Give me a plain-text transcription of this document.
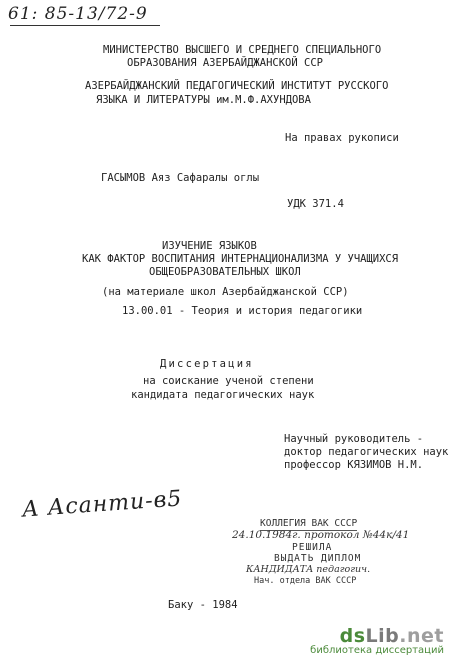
61: 85-13/72-9
МИНИСТЕРСТВО ВЫСШЕГО И СРЕДНЕГО СПЕЦИАЛЬНОГО
ОБРАЗОВАНИЯ АЗЕРБАЙДЖАНСКОЙ ССР
АЗЕРБАЙДЖАНСКИЙ ПЕДАГОГИЧЕСКИЙ ИНСТИТУТ РУССКОГО
ЯЗЫКА И ЛИТЕРАТУРЫ им.М.Ф.АХУНДОВА
На правах рукописи
ГАСЫМОВ Аяз Сафаралы оглы
УДК 371.4
ИЗУЧЕНИЕ ЯЗЫКОВ
КАК ФАКТОР ВОСПИТАНИЯ ИНТЕРНАЦИОНАЛИЗМА У УЧАЩИХСЯ
ОБЩЕОБРАЗОВАТЕЛЬНЫХ ШКОЛ
(на материале школ Азербайджанской ССР)
13.00.01 - Теория и история педагогики
Диссертация
на соискание ученой степени
кандидата педагогических наук
Научный руководитель -
доктор педагогических наук
профессор КЯЗИМОВ Н.М.
А Асанти-в5
КОЛЛЕГИЯ ВАК СССР
24.10.1984г. протокол №44к/41
РЕШИЛА
ВЫДАТЬ ДИПЛОМ
КАНДИДАТА педагогич.
Нач. отдела ВАК СССР
Баку - 1984
dsLib.net
библиотека диссертаций
